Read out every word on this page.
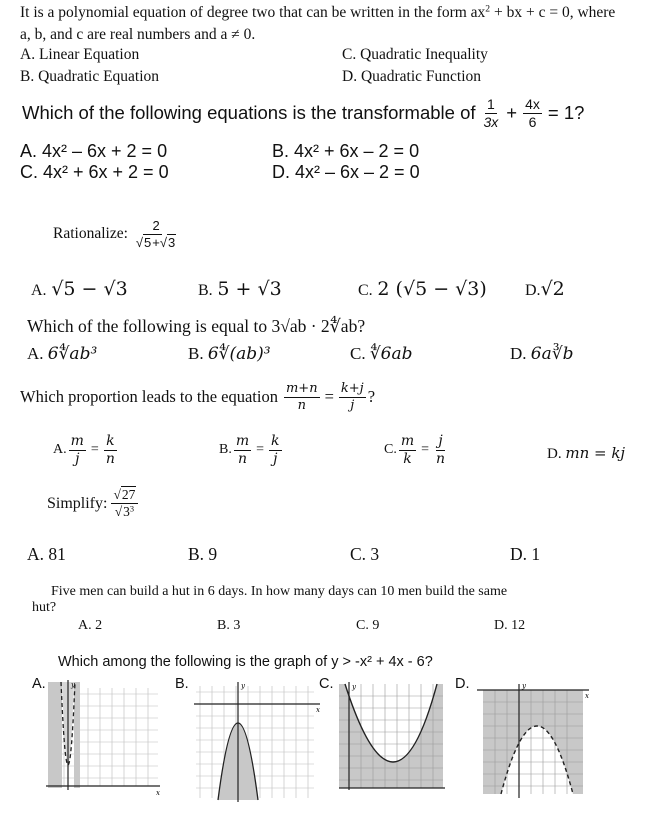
It is a polynomial equation of degree two that can be written in the form $ax^2$ + bx + c = 0, where
a, b, and c are real numbers and a ≠ 0.
A. Linear Equation	C. Quadratic Inequality
B. Quadratic Equation	D. Quadratic Function
Which of the following equations is the transformable of $\frac{1}{3x} + \frac{4x}{6} = 1$?
A. 4x² – 6x + 2 = 0	B. 4x² + 6x – 2 = 0
C. 4x² + 6x + 2 = 0	D. 4x² – 6x – 2 = 0
Rationalize: $\frac{2}{√5+√3}$
A. √5 − √3	B. 5 + √3	C. 2 (√5 − √3) D.√2
Which of the following is equal to 3√ab · 2∜ab?
A. 6∜ab³	B. 6∜(ab)³	C. ∜6ab	D. 6a∛b
Which proportion leads to the equation $\frac{m+n}{n} = \frac{k+j}{j}$ ?
A. $\frac{m}{j} = \frac{k}{n}$	B. $\frac{m}{n} = \frac{k}{j}$	C. $\frac{m}{k} = \frac{j}{n}$	D. mn = kj
Simplify: $\frac{√27}{√3^3}$
A. 81	B. 9	C. 3	D. 1
Five men can build a hut in 6 days. In how many days can 10 men build the same
hut?
A. 2	B. 3	C. 9	D. 12
Which among the following is the graph of y > -x² + 4x - 6?
A.	B.	C.	D.
x
y
x
y	y
x
y
